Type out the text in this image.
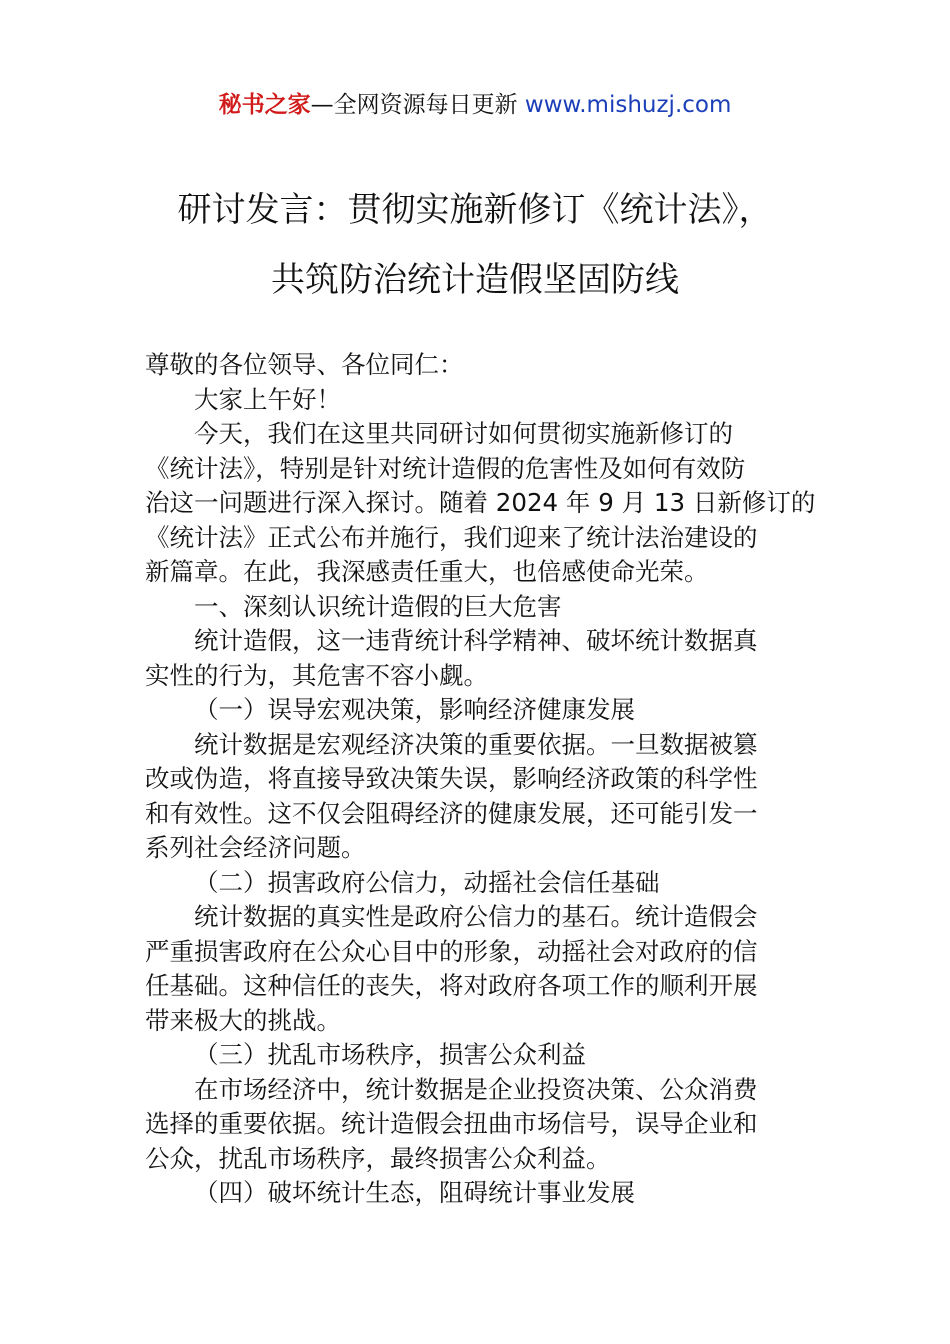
秘书之家—全网资源每日更新 www.mishuzj.com
研讨发言：贯彻实施新修订《统计法》，
共筑防治统计造假坚固防线

尊敬的各位领导、各位同仁：

大家上午好！

今天，我们在这里共同研讨如何贯彻实施新修订的

《统计法》，特别是针对统计造假的危害性及如何有效防

治这一问题进行深入探讨。随着 2024 年 9 月 13 日新修订的

《统计法》正式公布并施行，我们迎来了统计法治建设的

新篇章。在此，我深感责任重大，也倍感使命光荣。

一、深刻认识统计造假的巨大危害

统计造假，这一违背统计科学精神、破坏统计数据真

实性的行为，其危害不容小觑。

（一）误导宏观决策，影响经济健康发展

统计数据是宏观经济决策的重要依据。一旦数据被篡

改或伪造，将直接导致决策失误，影响经济政策的科学性

和有效性。这不仅会阻碍经济的健康发展，还可能引发一

系列社会经济问题。

（二）损害政府公信力，动摇社会信任基础

统计数据的真实性是政府公信力的基石。统计造假会

严重损害政府在公众心目中的形象，动摇社会对政府的信

任基础。这种信任的丧失，将对政府各项工作的顺利开展

带来极大的挑战。

（三）扰乱市场秩序，损害公众利益

在市场经济中，统计数据是企业投资决策、公众消费

选择的重要依据。统计造假会扭曲市场信号，误导企业和

公众，扰乱市场秩序，最终损害公众利益。

（四）破坏统计生态，阻碍统计事业发展
